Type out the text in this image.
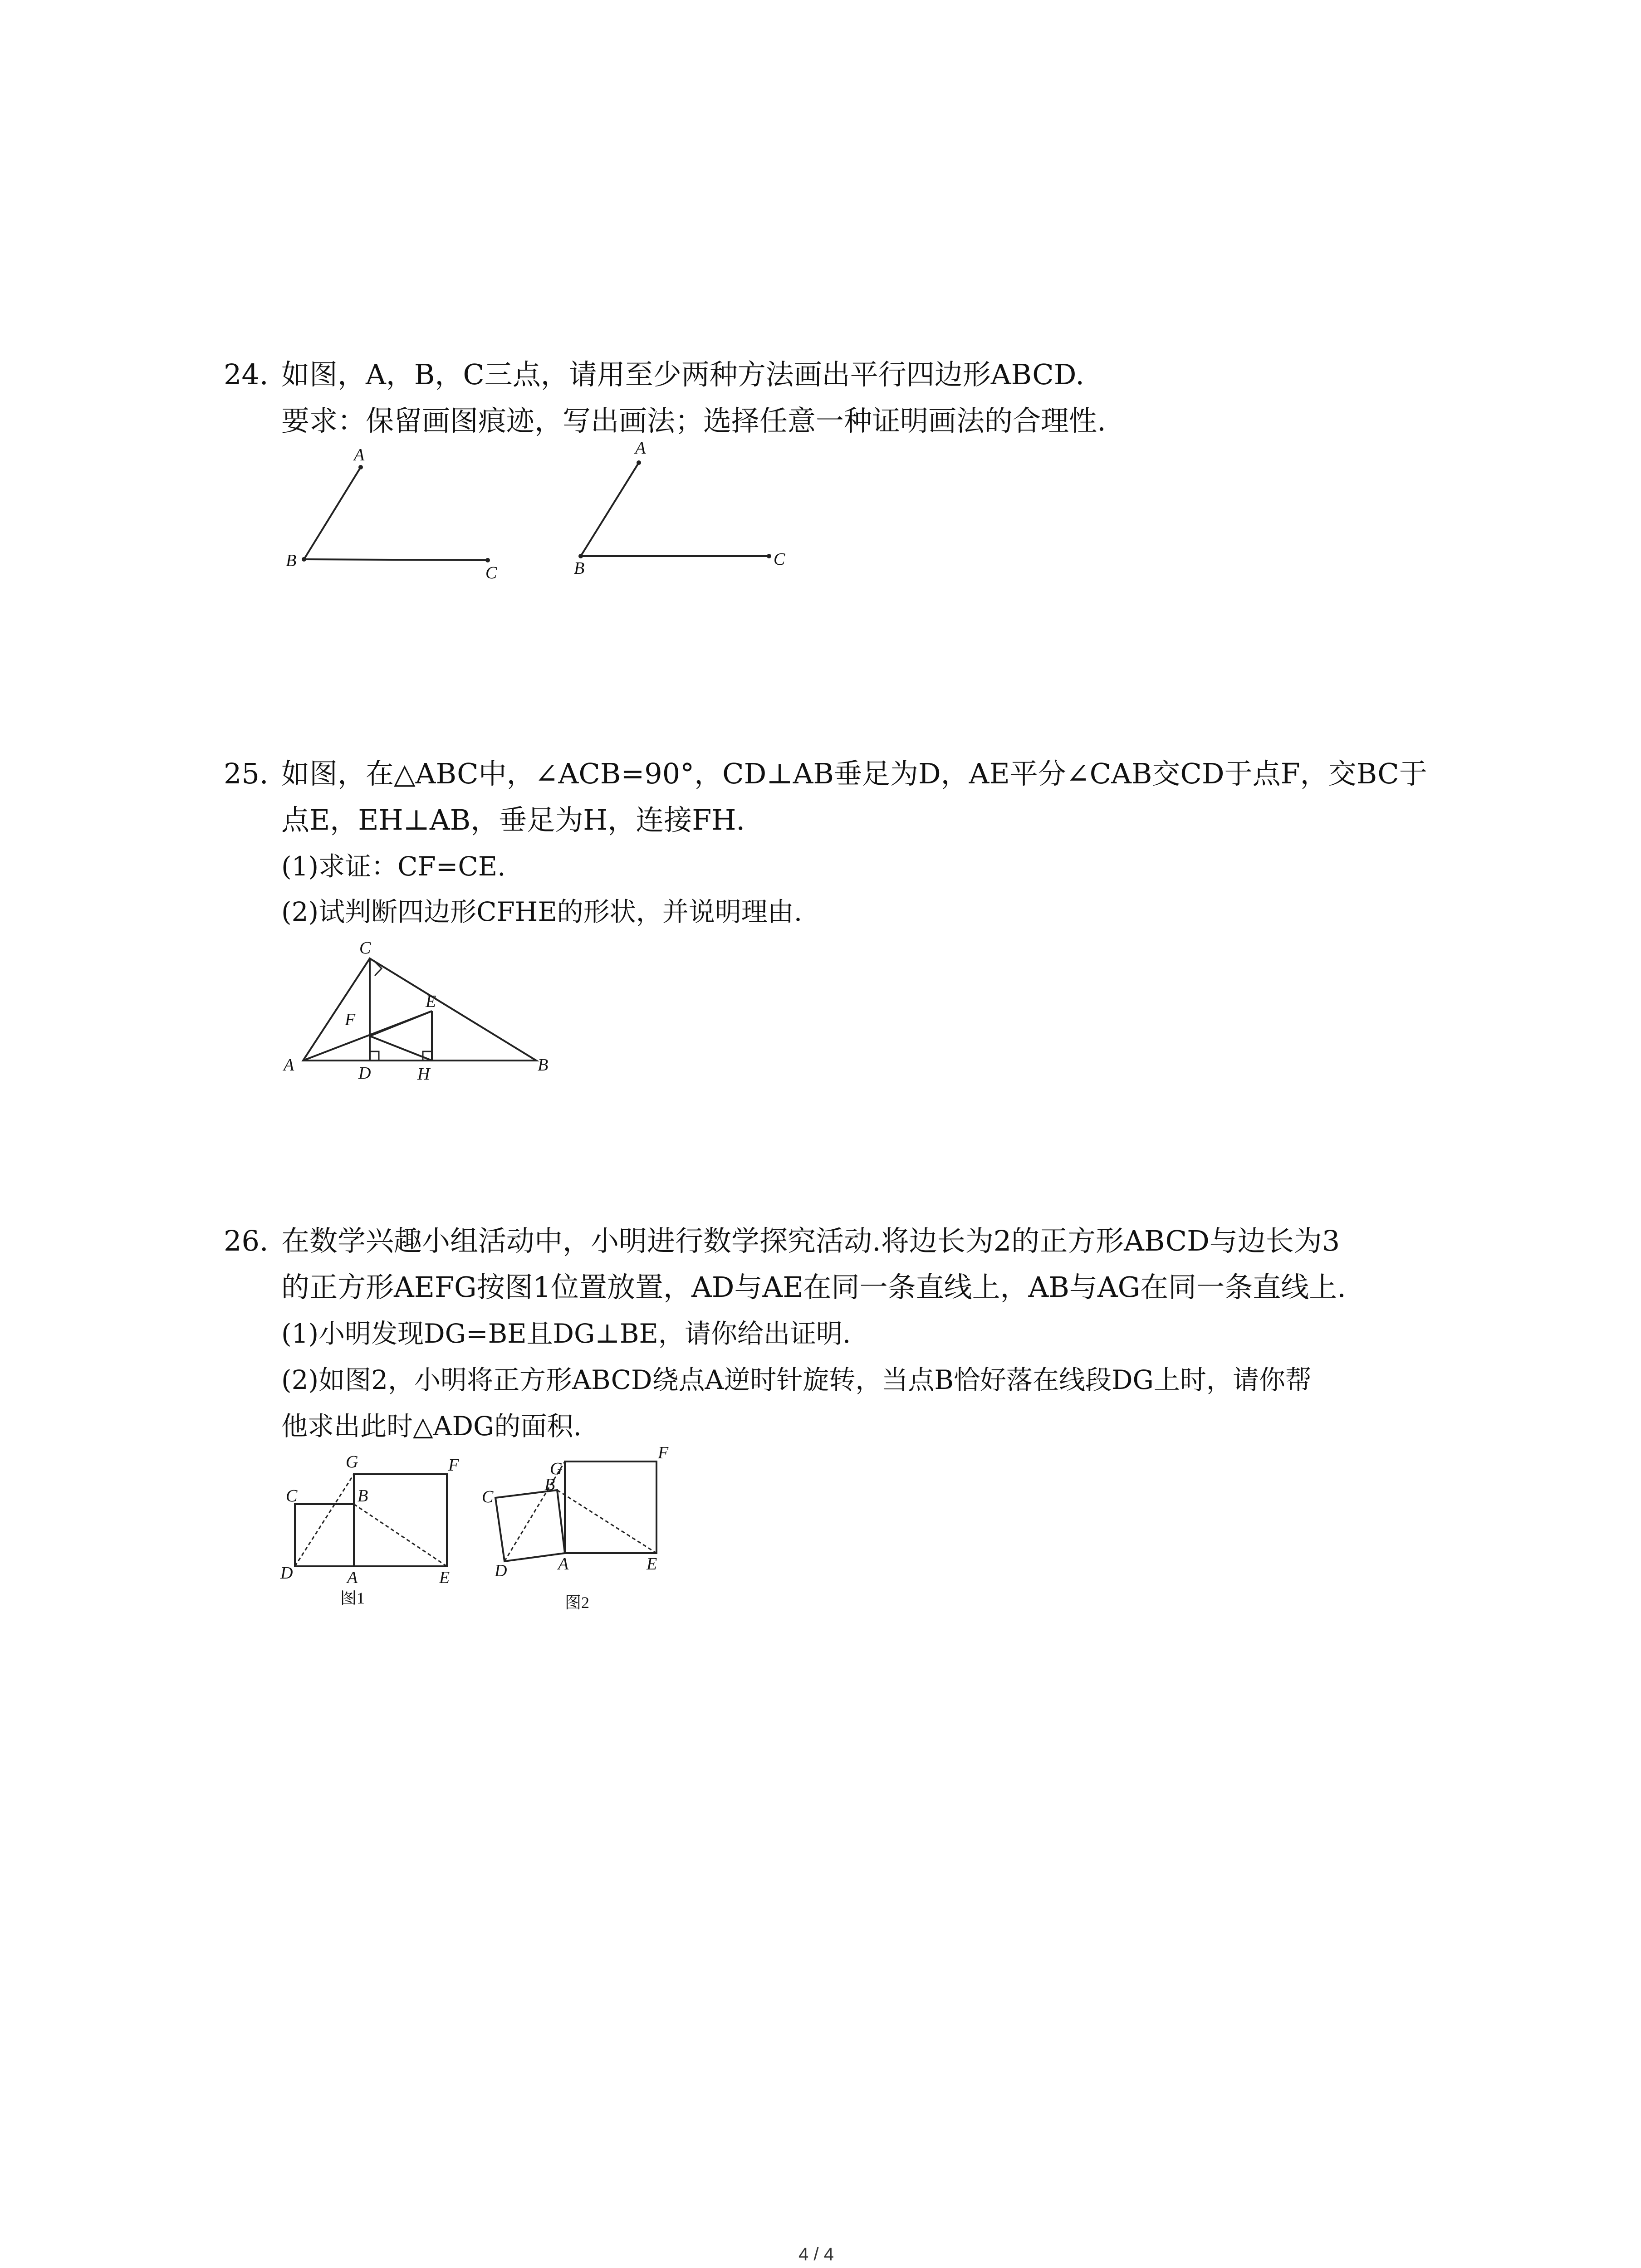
24. 如图，A，B，C三点，请用至少两种方法画出平行四边形ABCD.
要求：保留画图痕迹，写出画法；选择任意一种证明画法的合理性.
A
B
C
A
B	C
25. 如图，在△ABC中，∠ACB=90°，CD⊥AB垂足为D，AE平分∠CAB交CD于点F，交BC于
点E，EH⊥AB，垂足为H，连接FH.
(1)求证：CF=CE.
(2)试判断四边形CFHE的形状，并说明理由.
A
C
E
F
D	H	B
26. 在数学兴趣小组活动中，小明进行数学探究活动.将边长为2的正方形ABCD与边长为3
的正方形AEFG按图1位置放置，AD与AE在同一条直线上，AB与AG在同一条直线上.
(1)小明发现DG=BE且DG⊥BE，请你给出证明.
(2)如图2，小明将正方形ABCD绕点A逆时针旋转，当点B恰好落在线段DG上时，请你帮
他求出此时△ADG的面积.
G	F
C	B
D	A	E
图1
G
F
B
C
D	A	E
图2
4 / 4
